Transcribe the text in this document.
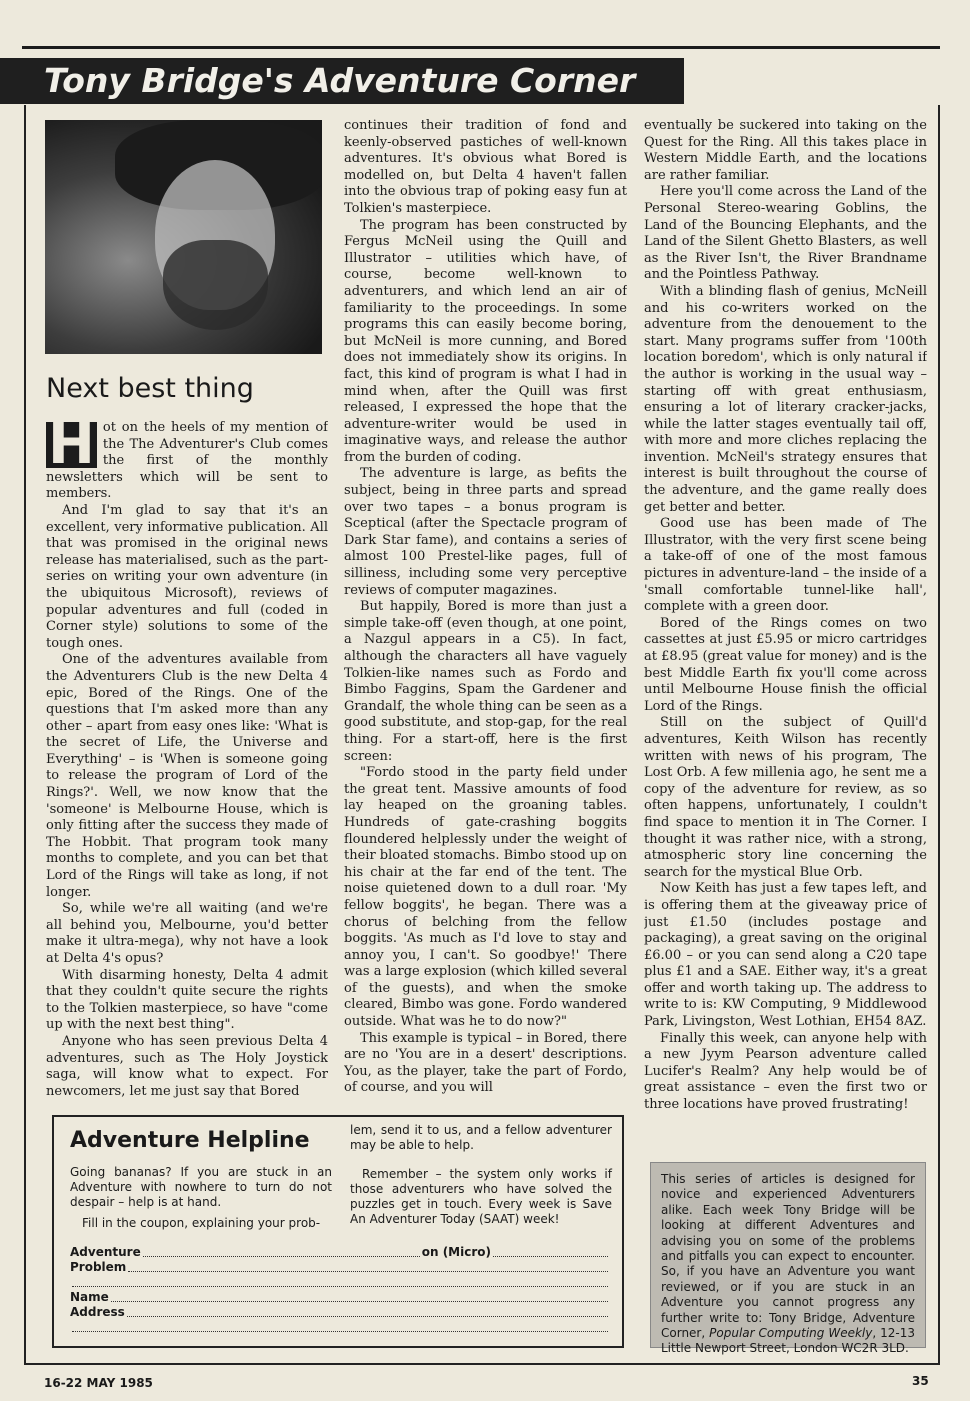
Tony Bridge's Adventure Corner
Next best thing

H ot on the heels of my mention of the The Adventurer's Club comes the first of the monthly newsletters which will be sent to members.

And I'm glad to say that it's an excellent, very informative publication. All that was promised in the original news release has materialised, such as the part-series on writing your own adventure (in the ubiquitous Microsoft), reviews of popular adventures and full (coded in Corner style) solutions to some of the tough ones.

One of the adventures available from the Adventurers Club is the new Delta 4 epic, Bored of the Rings. One of the questions that I'm asked more than any other – apart from easy ones like: 'What is the secret of Life, the Universe and Everything' – is 'When is someone going to release the program of Lord of the Rings?'. Well, we now know that the 'someone' is Melbourne House, which is only fitting after the success they made of The Hobbit. That program took many months to complete, and you can bet that Lord of the Rings will take as long, if not longer.

So, while we're all waiting (and we're all behind you, Melbourne, you'd better make it ultra-mega), why not have a look at Delta 4's opus?

With disarming honesty, Delta 4 admit that they couldn't quite secure the rights to the Tolkien masterpiece, so have "come up with the next best thing".

Anyone who has seen previous Delta 4 adventures, such as The Holy Joystick saga, will know what to expect. For newcomers, let me just say that Bored

continues their tradition of fond and keenly-observed pastiches of well-known adventures. It's obvious what Bored is modelled on, but Delta 4 haven't fallen into the obvious trap of poking easy fun at Tolkien's masterpiece.

The program has been constructed by Fergus McNeil using the Quill and Illustrator – utilities which have, of course, become well-known to adventurers, and which lend an air of familiarity to the proceedings. In some programs this can easily become boring, but McNeil is more cunning, and Bored does not immediately show its origins. In fact, this kind of program is what I had in mind when, after the Quill was first released, I expressed the hope that the adventure-writer would be used in imaginative ways, and release the author from the burden of coding.

The adventure is large, as befits the subject, being in three parts and spread over two tapes – a bonus program is Sceptical (after the Spectacle program of Dark Star fame), and contains a series of almost 100 Prestel-like pages, full of silliness, including some very perceptive reviews of computer magazines.

But happily, Bored is more than just a simple take-off (even though, at one point, a Nazgul appears in a C5). In fact, although the characters all have vaguely Tolkien-like names such as Fordo and Bimbo Faggins, Spam the Gardener and Grandalf, the whole thing can be seen as a good substitute, and stop-gap, for the real thing. For a start-off, here is the first screen:

"Fordo stood in the party field under the great tent. Massive amounts of food lay heaped on the groaning tables. Hundreds of gate-crashing boggits floundered helplessly under the weight of their bloated stomachs. Bimbo stood up on his chair at the far end of the tent. The noise quietened down to a dull roar. 'My fellow boggits', he began. There was a chorus of belching from the fellow boggits. 'As much as I'd love to stay and annoy you, I can't. So goodbye!' There was a large explosion (which killed several of the guests), and when the smoke cleared, Bimbo was gone. Fordo wandered outside. What was he to do now?"

This example is typical – in Bored, there are no 'You are in a desert' descriptions. You, as the player, take the part of Fordo, of course, and you will

eventually be suckered into taking on the Quest for the Ring. All this takes place in Western Middle Earth, and the locations are rather familiar.

Here you'll come across the Land of the Personal Stereo-wearing Goblins, the Land of the Bouncing Elephants, and the Land of the Silent Ghetto Blasters, as well as the River Isn't, the River Brandname and the Pointless Pathway.

With a blinding flash of genius, McNeill and his co-writers worked on the adventure from the denouement to the start. Many programs suffer from '100th location boredom', which is only natural if the author is working in the usual way – starting off with great enthusiasm, ensuring a lot of literary cracker-jacks, while the latter stages eventually tail off, with more and more cliches replacing the invention. McNeil's strategy ensures that interest is built throughout the course of the adventure, and the game really does get better and better.

Good use has been made of The Illustrator, with the very first scene being a take-off of one of the most famous pictures in adventure-land – the inside of a 'small comfortable tunnel-like hall', complete with a green door.

Bored of the Rings comes on two cassettes at just £5.95 or micro cartridges at £8.95 (great value for money) and is the best Middle Earth fix you'll come across until Melbourne House finish the official Lord of the Rings.

Still on the subject of Quill'd adventures, Keith Wilson has recently written with news of his program, The Lost Orb. A few millenia ago, he sent me a copy of the adventure for review, as so often happens, unfortunately, I couldn't find space to mention it in The Corner. I thought it was rather nice, with a strong, atmospheric story line concerning the search for the mystical Blue Orb.

Now Keith has just a few tapes left, and is offering them at the giveaway price of just £1.50 (includes postage and packaging), a great saving on the original £6.00 – or you can send along a C20 tape plus £1 and a SAE. Either way, it's a great offer and worth taking up. The address to write to is: KW Computing, 9 Middlewood Park, Livingston, West Lothian, EH54 8AZ.

Finally this week, can anyone help with a new Jyym Pearson adventure called Lucifer's Realm? Any help would be of great assistance – even the first two or three locations have proved frustrating!

Adventure Helpline

Going bananas? If you are stuck in an Adventure with nowhere to turn do not despair – help is at hand.

Fill in the coupon, explaining your prob-

lem, send it to us, and a fellow adventurer may be able to help.

Remember – the system only works if those adventurers who have solved the puzzles get in touch. Every week is Save An Adventurer Today (SAAT) week!

Adventure	on (Micro)
Problem
Name
Address
This series of articles is designed for novice and experienced Adventurers alike. Each week Tony Bridge will be looking at different Adventures and advising you on some of the problems and pitfalls you can expect to encounter. So, if you have an Adventure you want reviewed, or if you are stuck in an Adventure you cannot progress any further write to: Tony Bridge, Adventure Corner, Popular Computing Weekly, 12-13 Little Newport Street, London WC2R 3LD.
16-22 MAY 1985	35
